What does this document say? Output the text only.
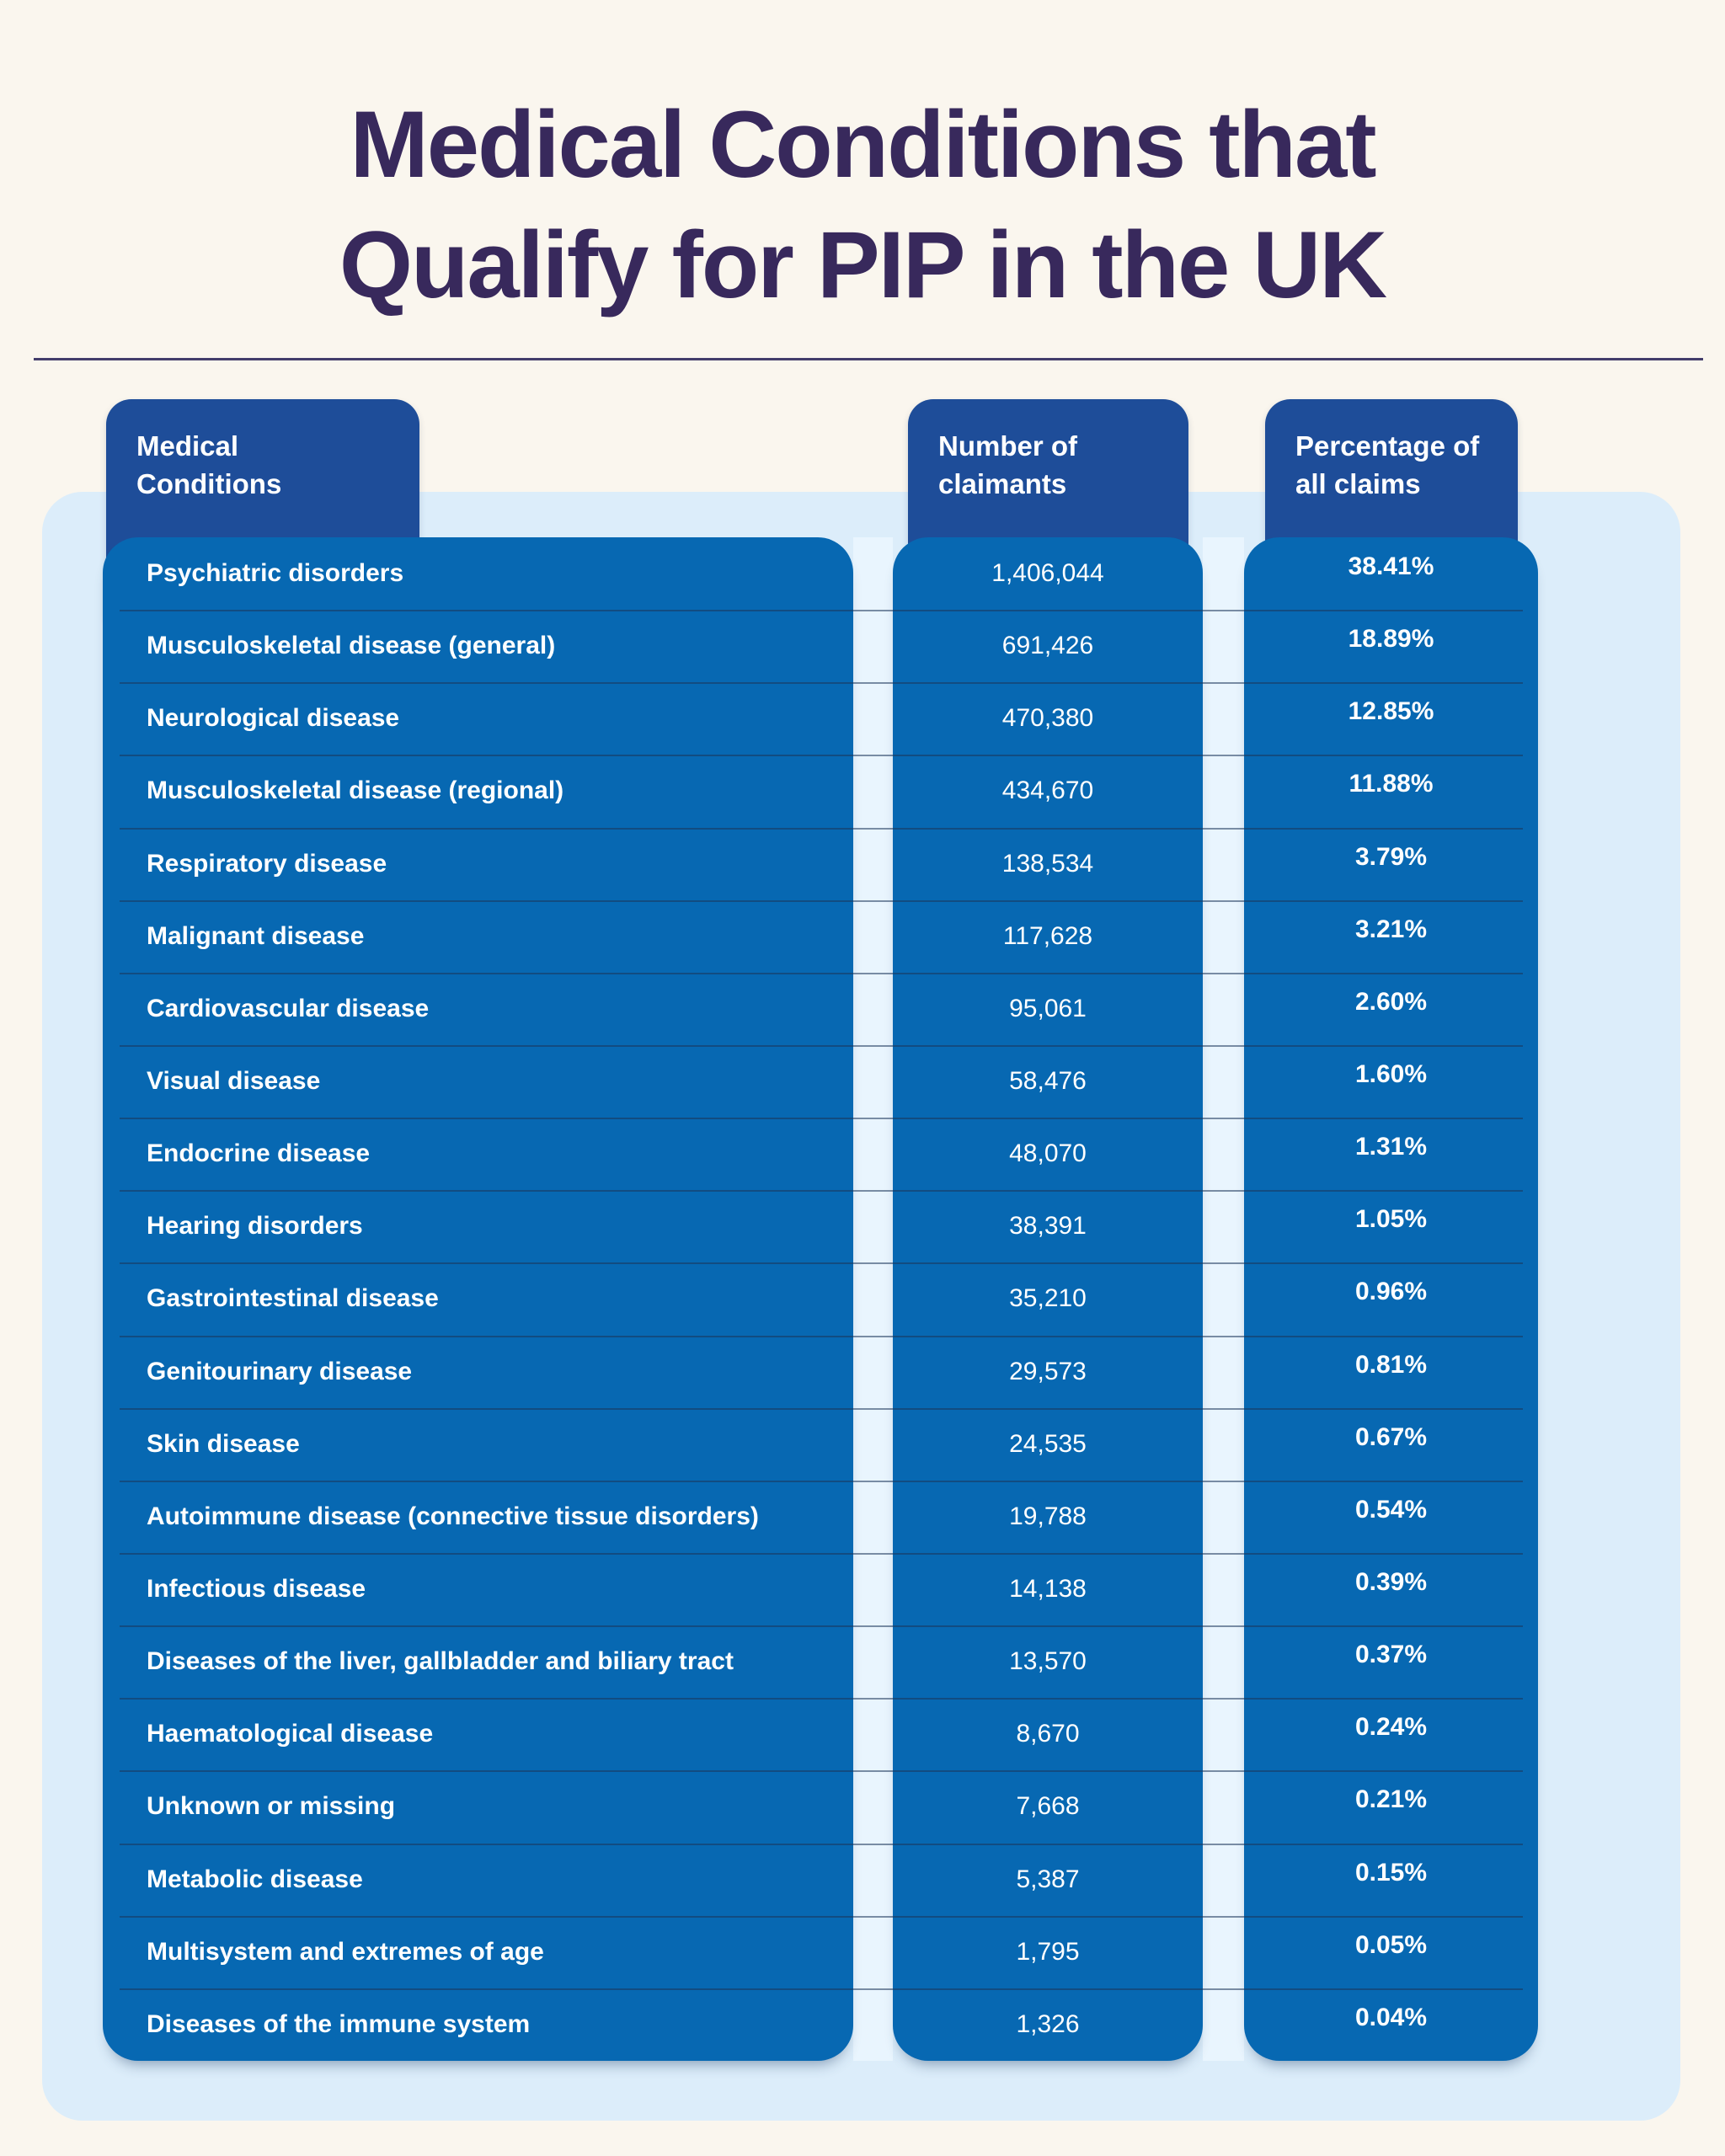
Medical Conditions that
Qualify for PIP in the UK
Medical Conditions
Number of claimants
Percentage of all claims
Psychiatric disorders
Musculoskeletal disease (general)
Neurological disease
Musculoskeletal disease (regional)
Respiratory disease
Malignant disease
Cardiovascular disease
Visual disease
Endocrine disease
Hearing disorders
Gastrointestinal disease
Genitourinary disease
Skin disease
Autoimmune disease (connective tissue disorders)
Infectious disease
Diseases of the liver, gallbladder and biliary tract
Haematological disease
Unknown or missing
Metabolic disease
Multisystem and extremes of age
Diseases of the immune system
1,406,044
691,426
470,380
434,670
138,534
117,628
95,061
58,476
48,070
38,391
35,210
29,573
24,535
19,788
14,138
13,570
8,670
7,668
5,387
1,795
1,326
38.41%
18.89%
12.85%
11.88%
3.79%
3.21%
2.60%
1.60%
1.31%
1.05%
0.96%
0.81%
0.67%
0.54%
0.39%
0.37%
0.24%
0.21%
0.15%
0.05%
0.04%
